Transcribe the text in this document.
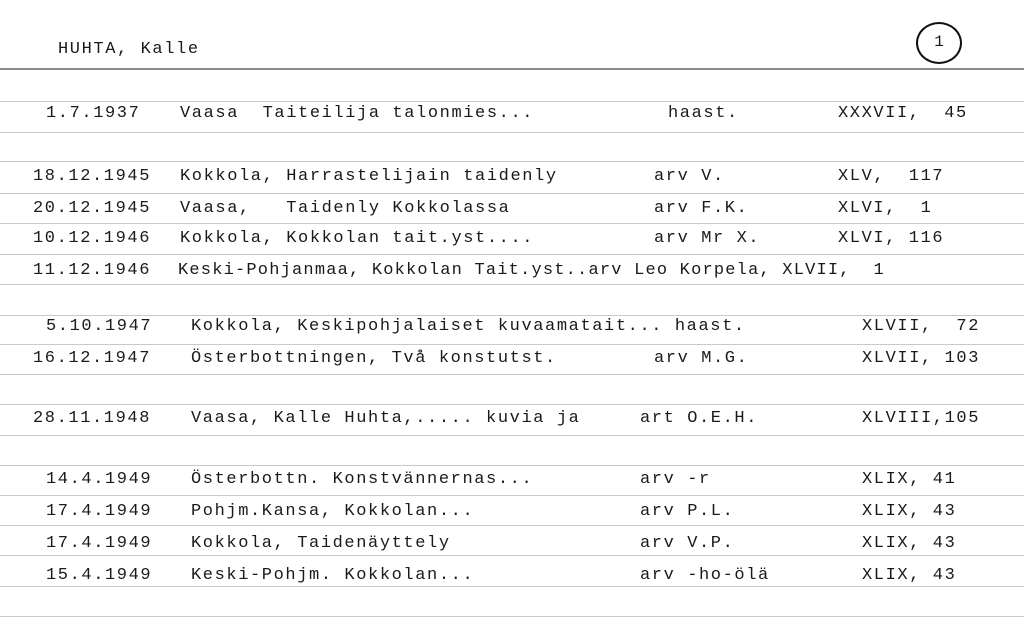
HUHTA, Kalle	1
1.7.1937 Vaasa  Taiteilija talonmies...	haast.	XXXVII,  45
18.12.1945 Kokkola, Harrastelijain taidenly	arv V.	XLV,  117
20.12.1945 Vaasa,   Taidenly Kokkolassa	arv F.K.	XLVI,  1
10.12.1946 Kokkola, Kokkolan tait.yst....	arv Mr X.	XLVI, 116
11.12.1946 Keski-Pohjanmaa, Kokkolan Tait.yst..arv Leo Korpela, XLVII,  1
5.10.1947 Kokkola, Keskipohjalaiset kuvaamatait... haast.	XLVII,  72
16.12.1947 Österbottningen, Två konstutst.	arv M.G.	XLVII, 103
28.11.1948 Vaasa, Kalle Huhta,..... kuvia ja	art O.E.H.	XLVIII,105
14.4.1949 Österbottn. Konstvännernas...	arv -r	XLIX, 41
17.4.1949 Pohjm.Kansa, Kokkolan...	arv P.L.	XLIX, 43
17.4.1949 Kokkola, Taidenäyttely	arv V.P.	XLIX, 43
15.4.1949 Keski-Pohjm. Kokkolan...	arv -ho-ölä	XLIX, 43
